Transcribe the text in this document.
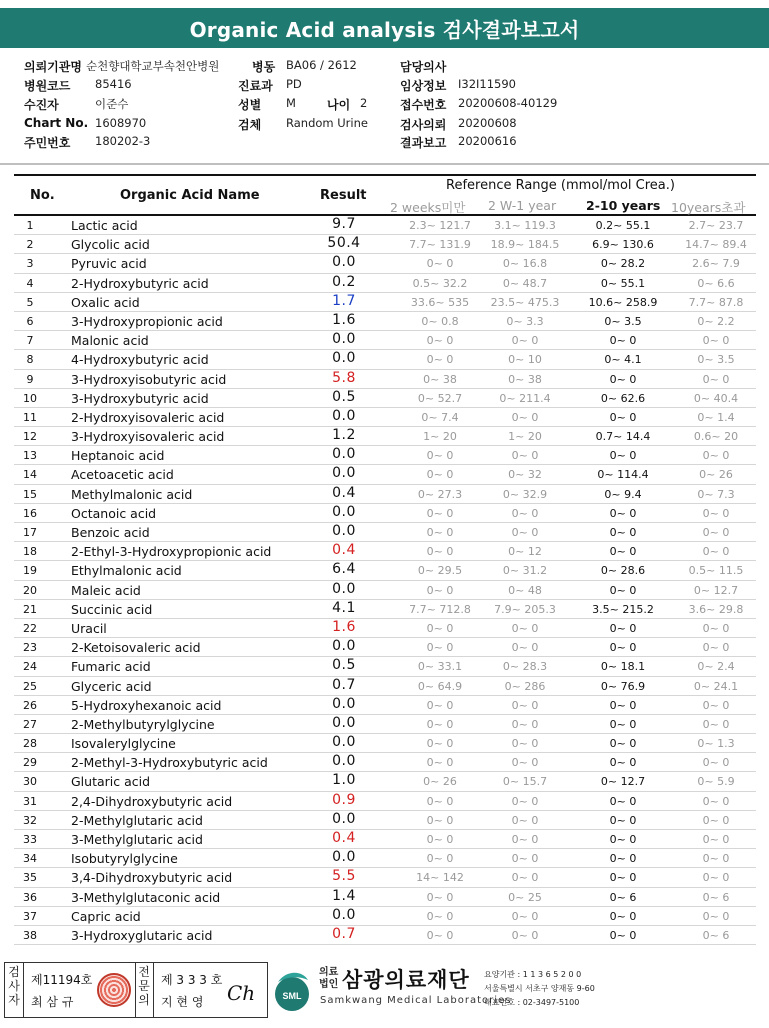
Organic Acid analysis 검사결과보고서
의뢰기관명 순천향대학교부속천안병원	병동 BA06 / 2612	담당의사
병원코드 85416	진료과 PD	임상정보 I32I11590
수진자	이준수	성별 M	나이 2	접수번호 20200608-40129
Chart No. 1608970	검체 Random Urine	검사의뢰 20200608
주민번호 180202-3	결과보고 20200616
No.	Organic Acid Name	Result
Reference Range (mmol/mol Crea.)
2 weeks미만 2 W-1 year 2-10 years 10years초과
1	Lactic acid	9.7	2.3~ 121.7	3.1~ 119.3	0.2~ 55.1	2.7~ 23.7
2	Glycolic acid	50.4	7.7~ 131.9	18.9~ 184.5	6.9~ 130.6	14.7~ 89.4
3	Pyruvic acid	0.0	0~ 0	0~ 16.8	0~ 28.2	2.6~ 7.9
4	2-Hydroxybutyric acid	0.2	0.5~ 32.2	0~ 48.7	0~ 55.1	0~ 6.6
5	Oxalic acid	1.7	33.6~ 535	23.5~ 475.3	10.6~ 258.9	7.7~ 87.8
6	3-Hydroxypropionic acid	1.6	0~ 0.8	0~ 3.3	0~ 3.5	0~ 2.2
7	Malonic acid	0.0	0~ 0	0~ 0	0~ 0	0~ 0
8	4-Hydroxybutyric acid	0.0	0~ 0	0~ 10	0~ 4.1	0~ 3.5
9	3-Hydroxyisobutyric acid	5.8	0~ 38	0~ 38	0~ 0	0~ 0
10	3-Hydroxybutyric acid	0.5	0~ 52.7	0~ 211.4	0~ 62.6	0~ 40.4
11	2-Hydroxyisovaleric acid	0.0	0~ 7.4	0~ 0	0~ 0	0~ 1.4
12	3-Hydroxyisovaleric acid	1.2	1~ 20	1~ 20	0.7~ 14.4	0.6~ 20
13	Heptanoic acid	0.0	0~ 0	0~ 0	0~ 0	0~ 0
14	Acetoacetic acid	0.0	0~ 0	0~ 32	0~ 114.4	0~ 26
15	Methylmalonic acid	0.4	0~ 27.3	0~ 32.9	0~ 9.4	0~ 7.3
16	Octanoic acid	0.0	0~ 0	0~ 0	0~ 0	0~ 0
17	Benzoic acid	0.0	0~ 0	0~ 0	0~ 0	0~ 0
18	2-Ethyl-3-Hydroxypropionic acid	0.4	0~ 0	0~ 12	0~ 0	0~ 0
19	Ethylmalonic acid	6.4	0~ 29.5	0~ 31.2	0~ 28.6	0.5~ 11.5
20	Maleic acid	0.0	0~ 0	0~ 48	0~ 0	0~ 12.7
21	Succinic acid	4.1	7.7~ 712.8	7.9~ 205.3	3.5~ 215.2	3.6~ 29.8
22	Uracil	1.6	0~ 0	0~ 0	0~ 0	0~ 0
23	2-Ketoisovaleric acid	0.0	0~ 0	0~ 0	0~ 0	0~ 0
24	Fumaric acid	0.5	0~ 33.1	0~ 28.3	0~ 18.1	0~ 2.4
25	Glyceric acid	0.7	0~ 64.9	0~ 286	0~ 76.9	0~ 24.1
26	5-Hydroxyhexanoic acid	0.0	0~ 0	0~ 0	0~ 0	0~ 0
27	2-Methylbutyrylglycine	0.0	0~ 0	0~ 0	0~ 0	0~ 0
28	Isovalerylglycine	0.0	0~ 0	0~ 0	0~ 0	0~ 1.3
29	2-Methyl-3-Hydroxybutyric acid	0.0	0~ 0	0~ 0	0~ 0	0~ 0
30	Glutaric acid	1.0	0~ 26	0~ 15.7	0~ 12.7	0~ 5.9
31	2,4-Dihydroxybutyric acid	0.9	0~ 0	0~ 0	0~ 0	0~ 0
32	2-Methylglutaric acid	0.0	0~ 0	0~ 0	0~ 0	0~ 0
33	3-Methylglutaric acid	0.4	0~ 0	0~ 0	0~ 0	0~ 0
34	Isobutyrylglycine	0.0	0~ 0	0~ 0	0~ 0	0~ 0
35	3,4-Dihydroxybutyric acid	5.5	14~ 142	0~ 0	0~ 0	0~ 0
36	3-Methylglutaconic acid	1.4	0~ 0	0~ 25	0~ 6	0~ 6
37	Capric acid	0.0	0~ 0	0~ 0	0~ 0	0~ 0
38	3-Hydroxyglutaric acid	0.7	0~ 0	0~ 0	0~ 0	0~ 6
검사자
제11194호
최 삼 규
전문의
제 3 3 3 호
지 현 영 Ch	SML
의료
법인 삼광의료재단
Samkwang Medical Laboratories
요양기관 : 1 1 3 6 5 2 0 0
서울특별시 서초구 양재동 9-60
대표번호 : 02-3497-5100
